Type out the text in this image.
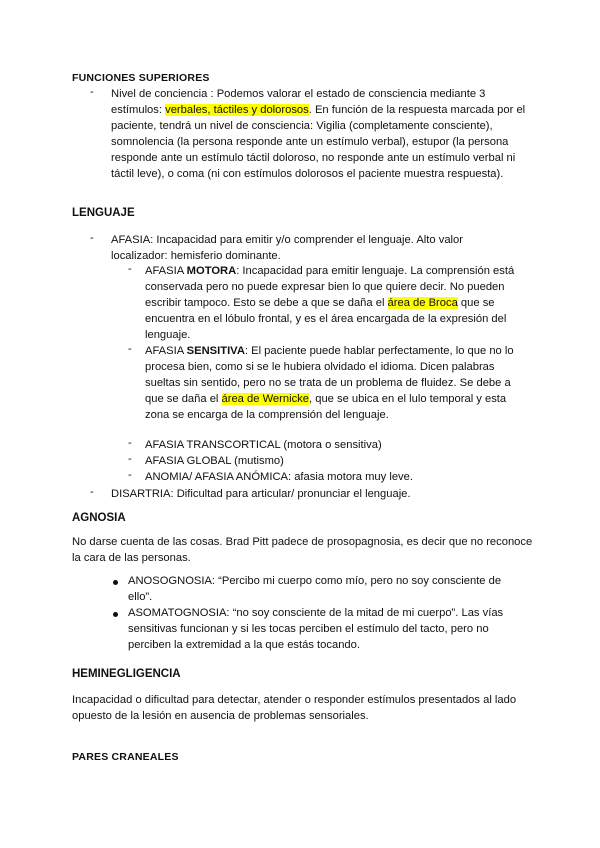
FUNCIONES SUPERIORES
- Nivel de conciencia : Podemos valorar el estado de consciencia mediante 3 estímulos: verbales, táctiles y dolorosos. En función de la respuesta marcada por el paciente, tendrá un nivel de consciencia: Vigilia (completamente consciente), somnolencia (la persona responde ante un estímulo verbal), estupor (la persona responde ante un estímulo táctil doloroso, no responde ante un estímulo verbal ni táctil leve), o coma (ni con estímulos dolorosos el paciente muestra respuesta).
LENGUAJE
- AFASIA: Incapacidad para emitir y/o comprender el lenguaje. Alto valor localizador: hemisferio dominante.
- AFASIA MOTORA: Incapacidad para emitir lenguaje. La comprensión está conservada pero no puede expresar bien lo que quiere decir. No pueden escribir tampoco. Esto se debe a que se daña el área de Broca que se encuentra en el lóbulo frontal, y es el área encargada de la expresión del lenguaje.
- AFASIA SENSITIVA: El paciente puede hablar perfectamente, lo que no lo procesa bien, como si se le hubiera olvidado el idioma. Dicen palabras sueltas sin sentido, pero no se trata de un problema de fluidez. Se debe a que se daña el área de Wernicke, que se ubica en el lulo temporal y esta zona se encarga de la comprensión del lenguaje.
- AFASIA TRANSCORTICAL (motora o sensitiva)
- AFASIA GLOBAL (mutismo)
- ANOMIA/ AFASIA ANÓMICA: afasia motora muy leve.
- DISARTRIA: Dificultad para articular/ pronunciar el lenguaje.
AGNOSIA
No darse cuenta de las cosas. Brad Pitt padece de prosopagnosia, es decir que no reconoce la cara de las personas.
ANOSOGNOSIA: “Percibo mi cuerpo como mío, pero no soy consciente de ello”.
ASOMATOGNOSIA: “no soy consciente de la mitad de mi cuerpo”. Las vías sensitivas funcionan y si les tocas perciben el estímulo del tacto, pero no perciben la extremidad a la que estás tocando.
HEMINEGLIGENCIA
Incapacidad o dificultad para detectar, atender o responder estímulos presentados al lado opuesto de la lesión en ausencia de problemas sensoriales.
PARES CRANEALES
